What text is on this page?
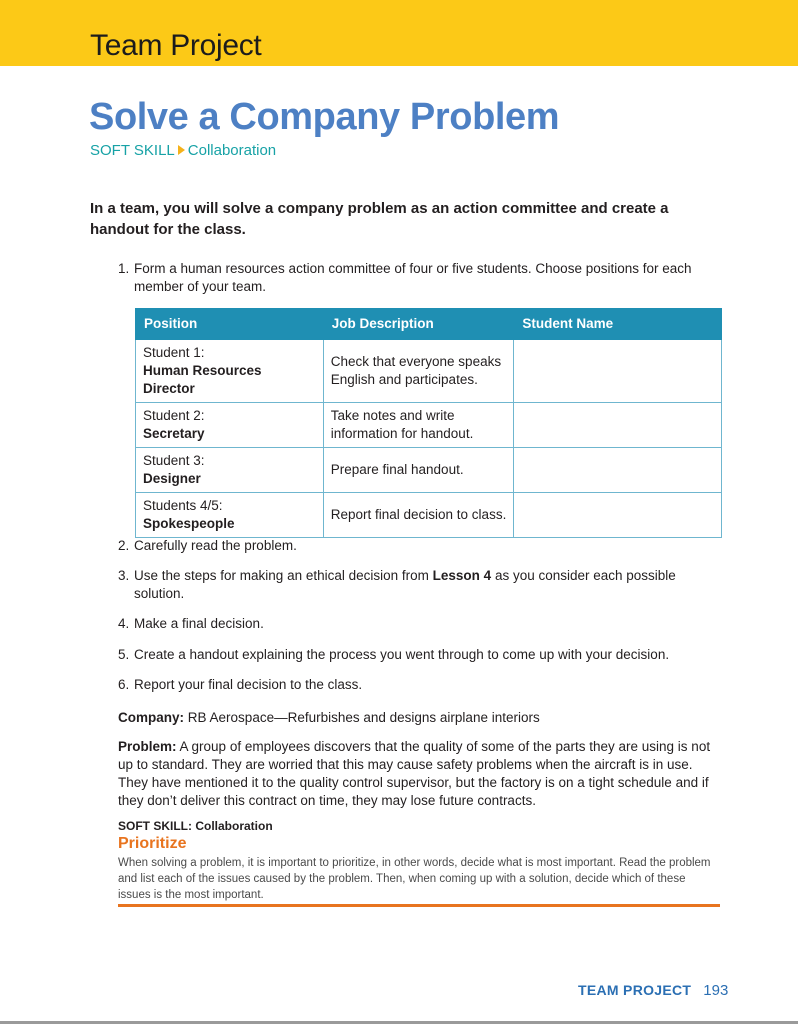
Team Project
Solve a Company Problem
SOFT SKILL Collaboration

In a team, you will solve a company problem as an action committee and create a handout for the class.

1. Form a human resources action committee of four or five students. Choose positions for each member of your team.
Position	Job Description	Student Name
Student 1:
Human Resources Director	Check that everyone speaks English and participates.	
Student 2:
Secretary	Take notes and write information for handout.	
Student 3:
Designer	Prepare final handout.	
Students 4/5:
Spokespeople	Report final decision to class.	
2. Carefully read the problem.
3. Use the steps for making an ethical decision from Lesson 4 as you consider each possible solution.
4. Make a final decision.
5. Create a handout explaining the process you went through to come up with your decision.
6. Report your final decision to the class.

Company: RB Aerospace—Refurbishes and designs airplane interiors

Problem: A group of employees discovers that the quality of some of the parts they are using is not up to standard. They are worried that this may cause safety problems when the aircraft is in use. They have mentioned it to the quality control supervisor, but the factory is on a tight schedule and if they don’t deliver this contract on time, they may lose future contracts.

SOFT SKILL: Collaboration
Prioritize

When solving a problem, it is important to prioritize, in other words, decide what is most important. Read the problem and list each of the issues caused by the problem. Then, when coming up with a solution, decide which of these issues is the most important.

TEAM PROJECT 193
